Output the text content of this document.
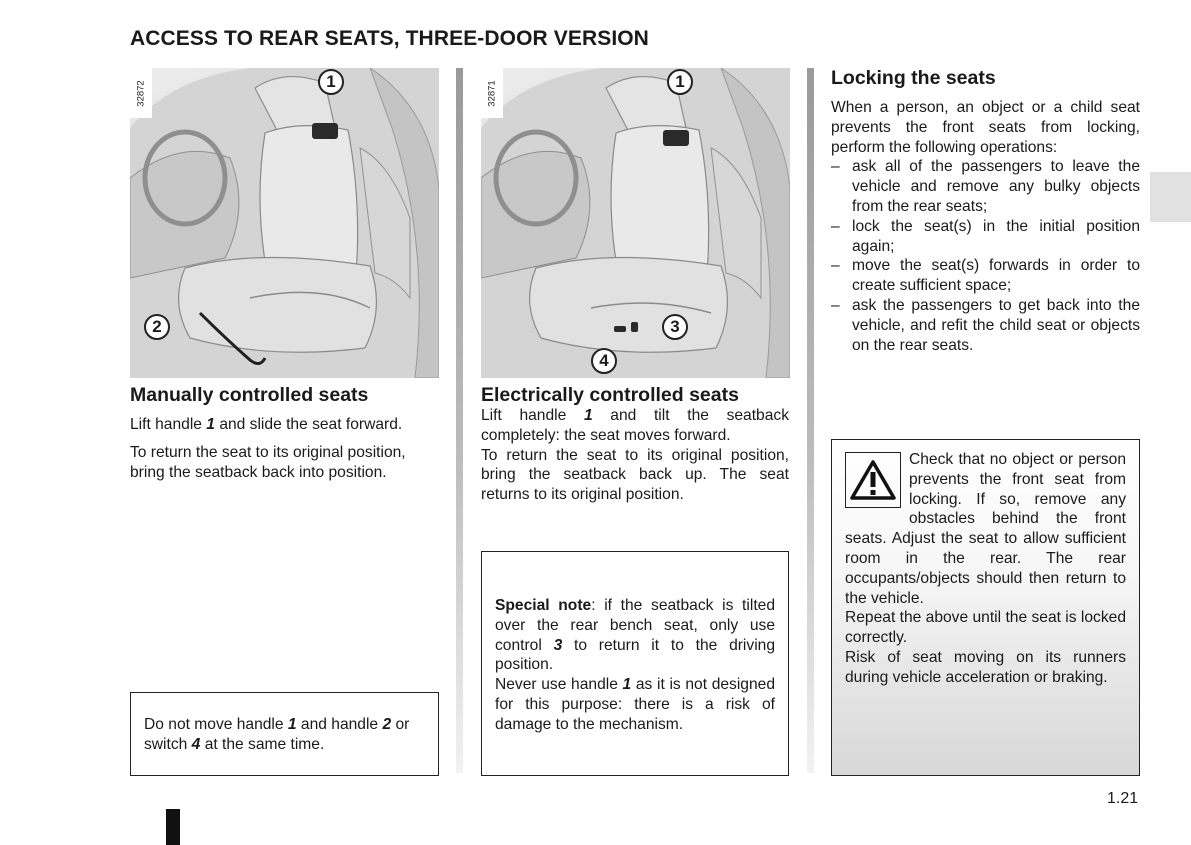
ACCESS TO REAR SEATS, THREE-DOOR VERSION
32872	1
2
32871	1
3
4
Manually controlled seats

Lift handle 1 and slide the seat forward.

To return the seat to its original position, bring the seatback back into position.

Do not move handle 1 and handle 2 or switch 4 at the same time.

Electrically controlled seats

Lift handle 1 and tilt the seatback completely: the seat moves forward.

To return the seat to its original position, bring the seatback back up. The seat returns to its original position.

Special note: if the seatback is tilted over the rear bench seat, only use control 3 to return it to the driving position.

Never use handle 1 as it is not designed for this purpose: there is a risk of damage to the mechanism.

Locking the seats

When a person, an object or a child seat prevents the front seats from locking, perform the following operations:

– ask all of the passengers to leave the vehicle and remove any bulky objects from the rear seats;
– lock the seat(s) in the initial position again;
– move the seat(s) forwards in order to create sufficient space;
– ask the passengers to get back into the vehicle, and refit the child seat or objects on the rear seats.

Check that no object or person prevents the front seat from locking. If so, remove any obstacles behind the front seats. Adjust the seat to allow sufficient room in the rear. The rear occupants/objects should then return to the vehicle.

Repeat the above until the seat is locked correctly.

Risk of seat moving on its runners during vehicle acceleration or braking.

1.21
